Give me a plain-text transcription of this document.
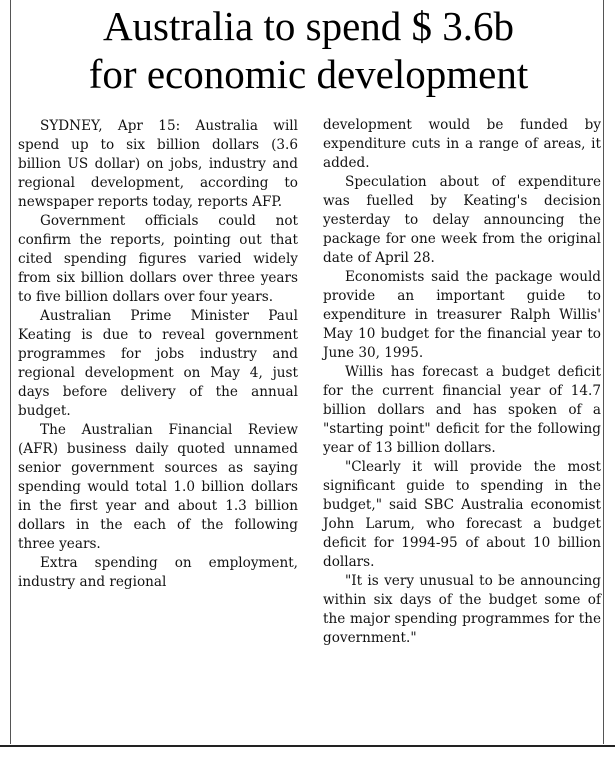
Australia to spend $ 3.6b
for economic development

SYDNEY, Apr 15: Australia will spend up to six billion dollars (3.6 billion US dollar) on jobs, industry and regional development, according to newspaper reports today, reports AFP.

Government officials could not confirm the reports, pointing out that cited spending figures varied widely from six billion dollars over three years to five billion dollars over four years.

Australian Prime Minister Paul Keating is due to reveal government programmes for jobs industry and regional development on May 4, just days before delivery of the annual budget.

The Australian Financial Review (AFR) business daily quoted unnamed senior government sources as saying spending would total 1.0 billion dollars in the first year and about 1.3 billion dollars in the each of the following three years.

Extra spending on employment, industry and regional

development would be funded by expenditure cuts in a range of areas, it added.

Speculation about of expenditure was fuelled by Keating's decision yesterday to delay announcing the package for one week from the original date of April 28.

Economists said the package would provide an important guide to expenditure in treasurer Ralph Willis' May 10 budget for the financial year to June 30, 1995.

Willis has forecast a budget deficit for the current financial year of 14.7 billion dollars and has spoken of a "starting point" deficit for the following year of 13 billion dollars.

"Clearly it will provide the most significant guide to spending in the budget," said SBC Australia economist John Larum, who forecast a budget deficit for 1994-95 of about 10 billion dollars.

"It is very unusual to be announcing within six days of the budget some of the major spending programmes for the government."
